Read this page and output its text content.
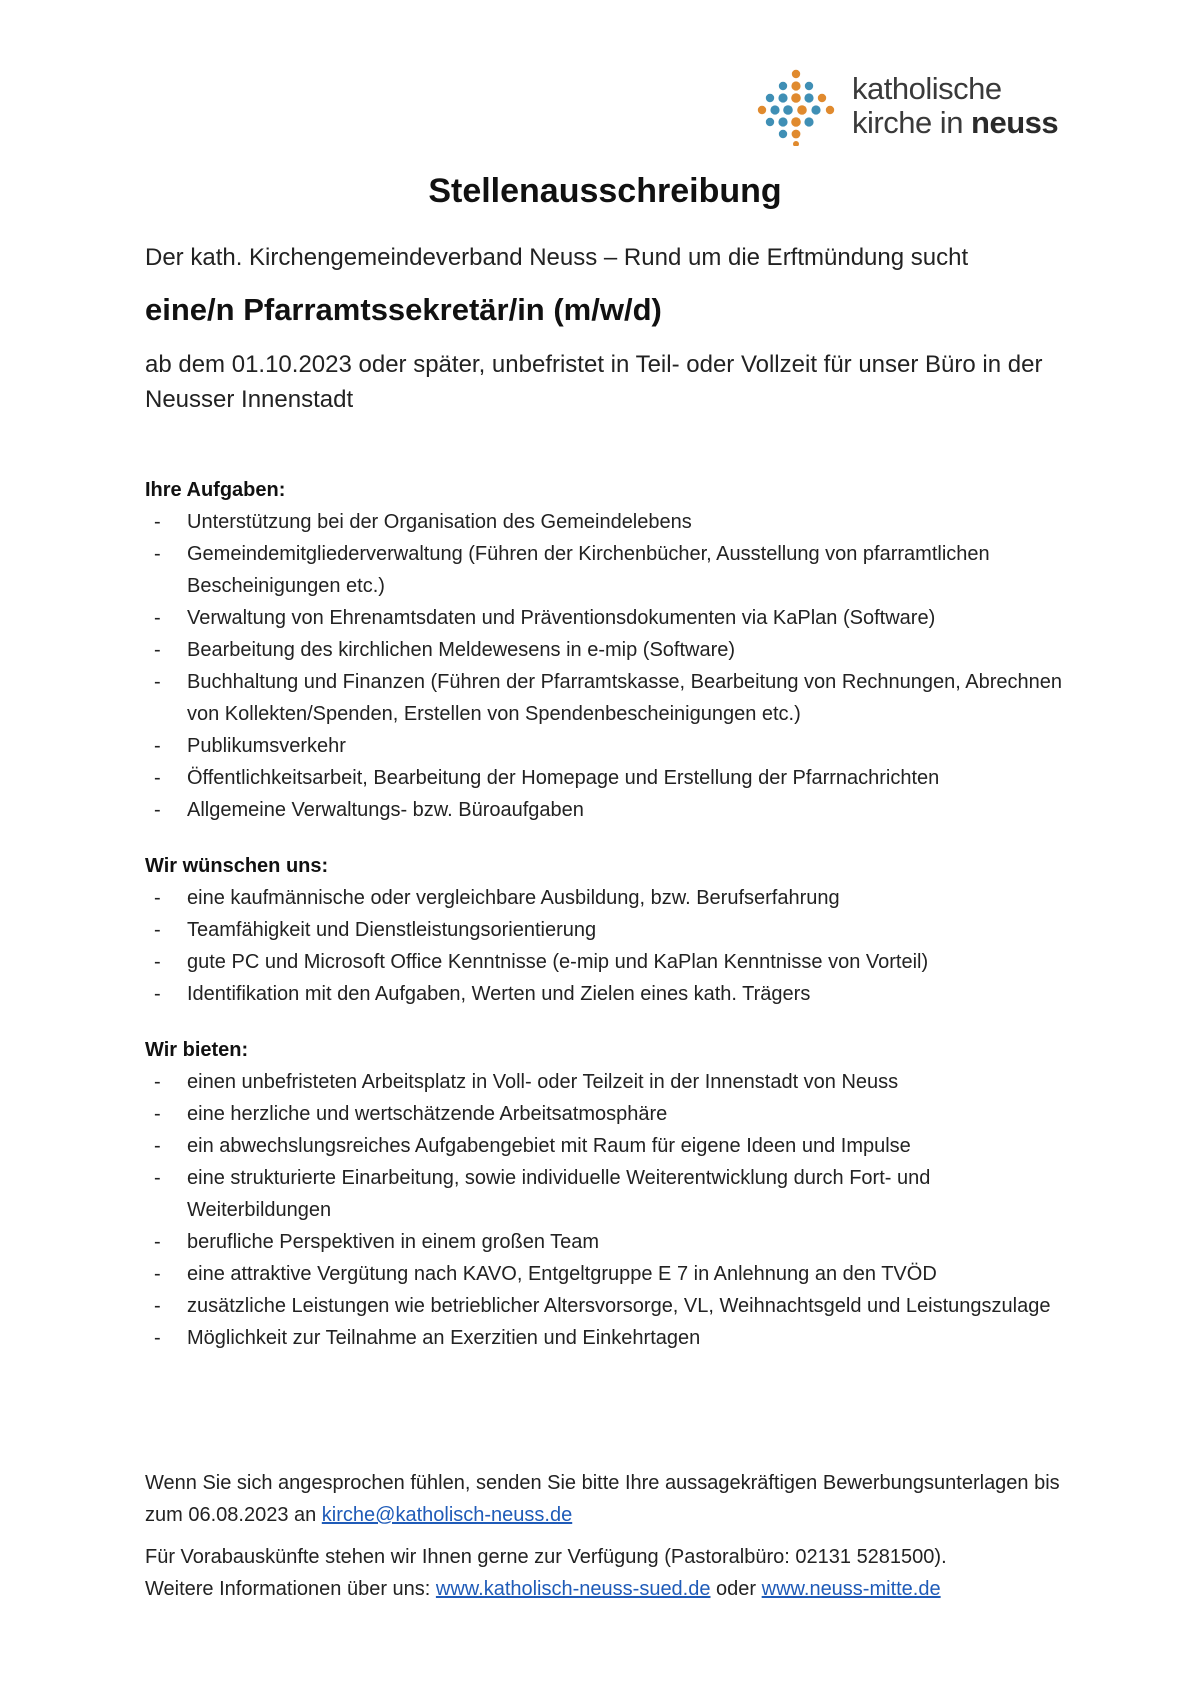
katholische
kirche in neuss
Stellenausschreibung
Der kath. Kirchengemeindeverband Neuss – Rund um die Erftmündung sucht
eine/n Pfarramtssekretär/in (m/w/d)
ab dem 01.10.2023 oder später, unbefristet in Teil- oder Vollzeit für unser Büro in der Neusser Innenstadt
Ihre Aufgaben:
- Unterstützung bei der Organisation des Gemeindelebens
- Gemeindemitgliederverwaltung (Führen der Kirchenbücher, Ausstellung von pfarramtlichen Bescheinigungen etc.)
- Verwaltung von Ehrenamtsdaten und Präventionsdokumenten via KaPlan (Software)
- Bearbeitung des kirchlichen Meldewesens in e-mip (Software)
- Buchhaltung und Finanzen (Führen der Pfarramtskasse, Bearbeitung von Rechnungen, Abrechnen von Kollekten/Spenden, Erstellen von Spendenbescheinigungen etc.)
- Publikumsverkehr
- Öffentlichkeitsarbeit, Bearbeitung der Homepage und Erstellung der Pfarrnachrichten
- Allgemeine Verwaltungs- bzw. Büroaufgaben
Wir wünschen uns:
- eine kaufmännische oder vergleichbare Ausbildung, bzw. Berufserfahrung
- Teamfähigkeit und Dienstleistungsorientierung
- gute PC und Microsoft Office Kenntnisse (e-mip und KaPlan Kenntnisse von Vorteil)
- Identifikation mit den Aufgaben, Werten und Zielen eines kath. Trägers
Wir bieten:
- einen unbefristeten Arbeitsplatz in Voll- oder Teilzeit in der Innenstadt von Neuss
- eine herzliche und wertschätzende Arbeitsatmosphäre
- ein abwechslungsreiches Aufgabengebiet mit Raum für eigene Ideen und Impulse
- eine strukturierte Einarbeitung, sowie individuelle Weiterentwicklung durch Fort- und Weiterbildungen
- berufliche Perspektiven in einem großen Team
- eine attraktive Vergütung nach KAVO, Entgeltgruppe E 7 in Anlehnung an den TVÖD
- zusätzliche Leistungen wie betrieblicher Altersvorsorge, VL, Weihnachtsgeld und Leistungszulage
- Möglichkeit zur Teilnahme an Exerzitien und Einkehrtagen

Wenn Sie sich angesprochen fühlen, senden Sie bitte Ihre aussagekräftigen Bewerbungsunterlagen bis zum 06.08.2023 an kirche@katholisch-neuss.de

Für Vorabauskünfte stehen wir Ihnen gerne zur Verfügung (Pastoralbüro: 02131 5281500).

Weitere Informationen über uns: www.katholisch-neuss-sued.de oder www.neuss-mitte.de
